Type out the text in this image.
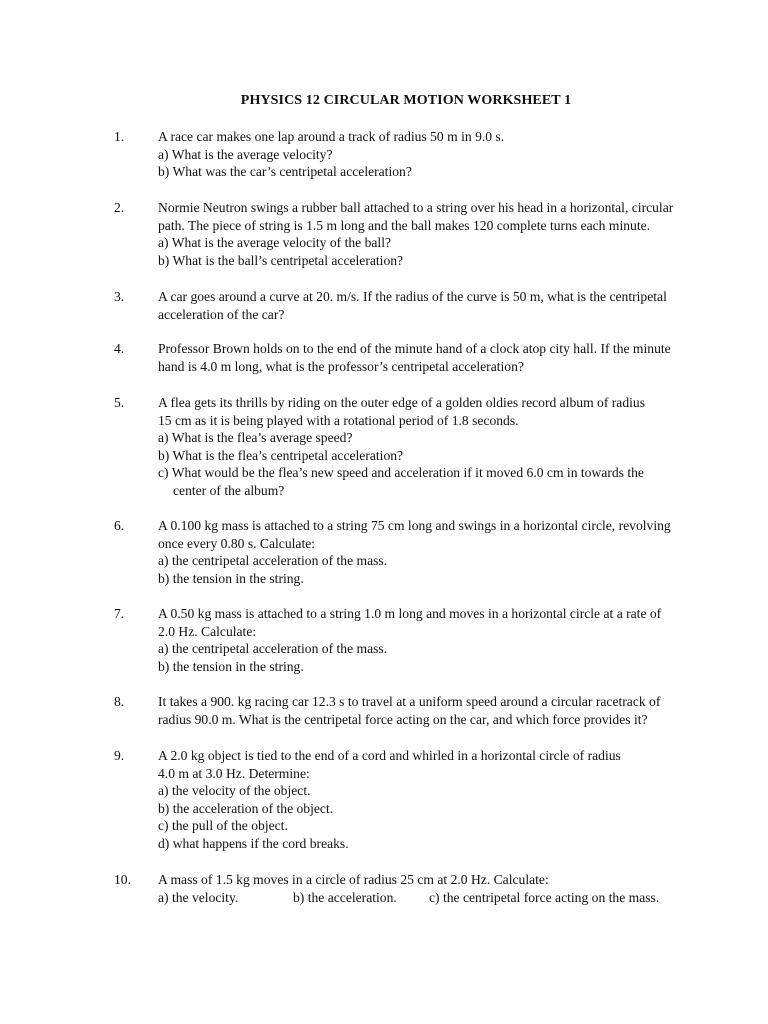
PHYSICS 12 CIRCULAR MOTION WORKSHEET 1
1. A race car makes one lap around a track of radius 50 m in 9.0 s.
a) What is the average velocity?
b) What was the car’s centripetal acceleration?
2. Normie Neutron swings a rubber ball attached to a string over his head in a horizontal, circular
path. The piece of string is 1.5 m long and the ball makes 120 complete turns each minute.
a) What is the average velocity of the ball?
b) What is the ball’s centripetal acceleration?
3. A car goes around a curve at 20. m/s. If the radius of the curve is 50 m, what is the centripetal
acceleration of the car?
4. Professor Brown holds on to the end of the minute hand of a clock atop city hall. If the minute
hand is 4.0 m long, what is the professor’s centripetal acceleration?
5. A flea gets its thrills by riding on the outer edge of a golden oldies record album of radius
15 cm as it is being played with a rotational period of 1.8 seconds.
a) What is the flea’s average speed?
b) What is the flea’s centripetal acceleration?
c) What would be the flea’s new speed and acceleration if it moved 6.0 cm in towards the
center of the album?
6. A 0.100 kg mass is attached to a string 75 cm long and swings in a horizontal circle, revolving
once every 0.80 s. Calculate:
a) the centripetal acceleration of the mass.
b) the tension in the string.
7. A 0.50 kg mass is attached to a string 1.0 m long and moves in a horizontal circle at a rate of
2.0 Hz. Calculate:
a) the centripetal acceleration of the mass.
b) the tension in the string.
8. It takes a 900. kg racing car 12.3 s to travel at a uniform speed around a circular racetrack of
radius 90.0 m. What is the centripetal force acting on the car, and which force provides it?
9. A 2.0 kg object is tied to the end of a cord and whirled in a horizontal circle of radius
4.0 m at 3.0 Hz. Determine:
a) the velocity of the object.
b) the acceleration of the object.
c) the pull of the object.
d) what happens if the cord breaks.
10. A mass of 1.5 kg moves in a circle of radius 25 cm at 2.0 Hz. Calculate:
a) the velocity.	b) the acceleration. c) the centripetal force acting on the mass.
